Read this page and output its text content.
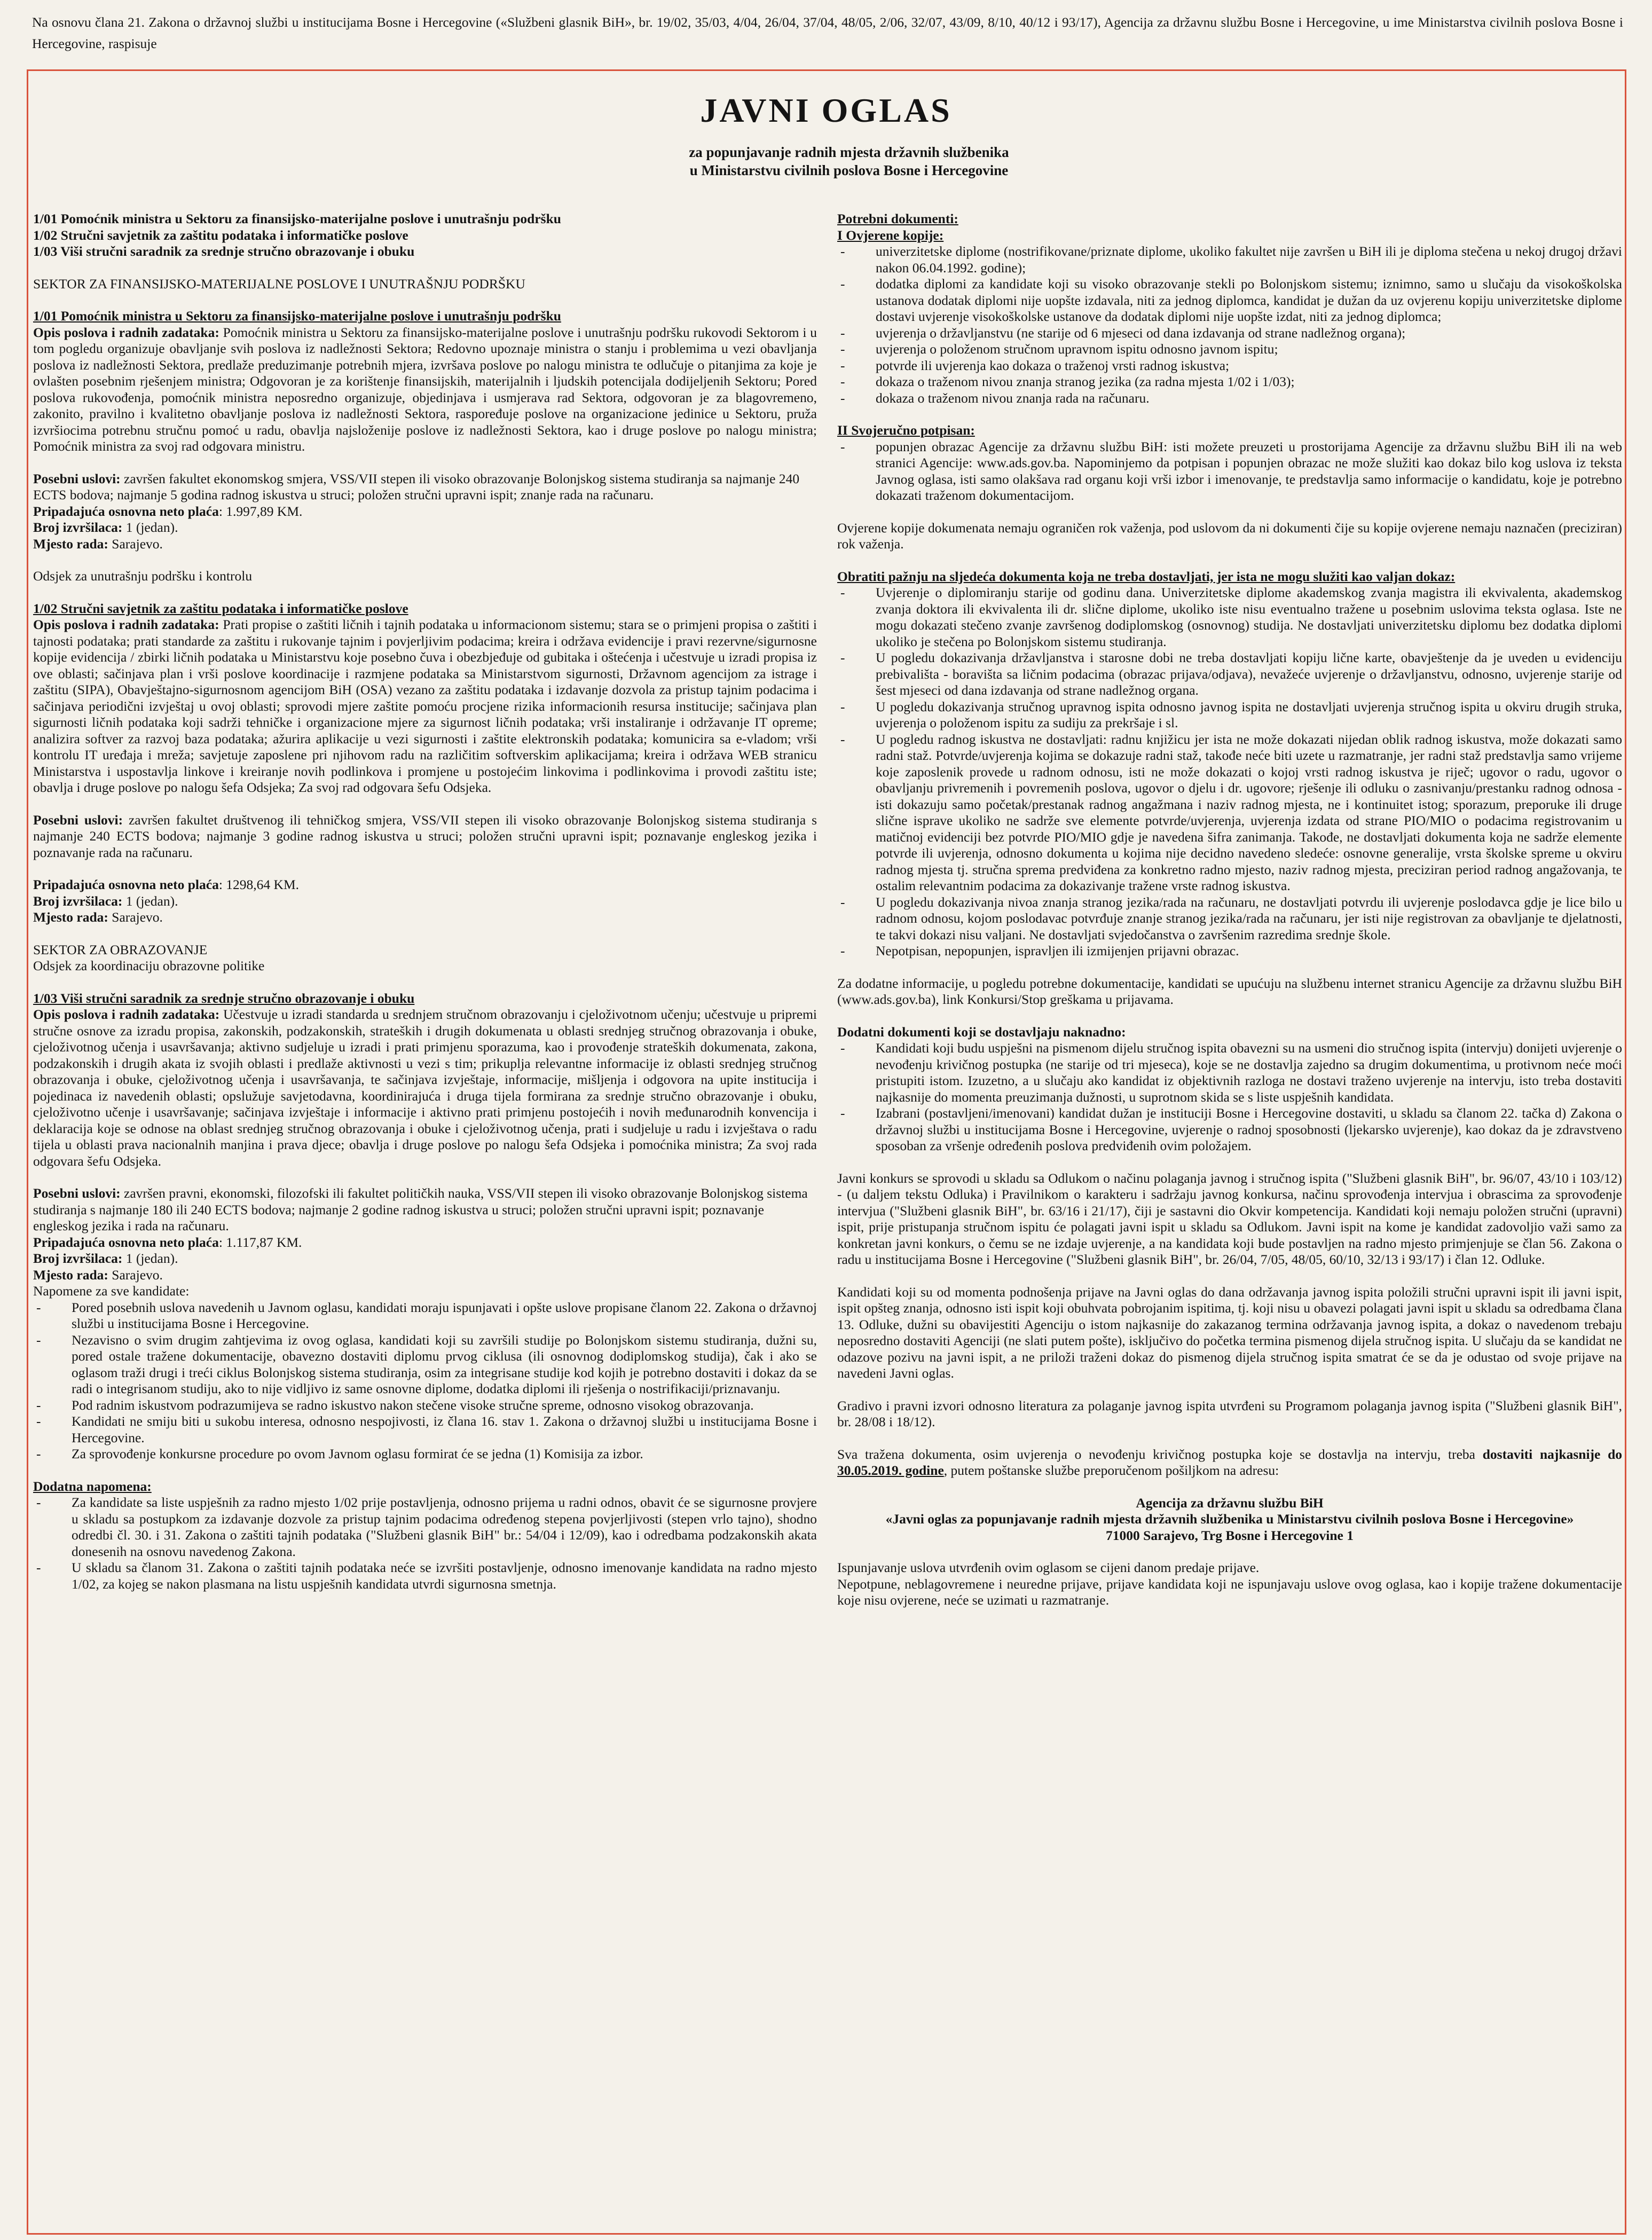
Na osnovu člana 21. Zakona o državnoj službi u institucijama Bosne i Hercegovine («Službeni glasnik BiH», br. 19/02, 35/03, 4/04, 26/04, 37/04, 48/05, 2/06, 32/07, 43/09, 8/10, 40/12 i 93/17), Agencija za državnu službu Bosne i Hercegovine, u ime Ministarstva civilnih poslova Bosne i Hercegovine, raspisuje

JAVNI OGLAS
za popunjavanje radnih mjesta državnih službenika
u Ministarstvu civilnih poslova Bosne i Hercegovine
1/01 Pomoćnik ministra u Sektoru za finansijsko-materijalne poslove i unutrašnju podršku
1/02 Stručni savjetnik za zaštitu podataka i informatičke poslove
1/03 Viši stručni saradnik za srednje stručno obrazovanje i obuku

SEKTOR ZA FINANSIJSKO-MATERIJALNE POSLOVE I UNUTRAŠNJU PODRŠKU

1/01 Pomoćnik ministra u Sektoru za finansijsko-materijalne poslove i unutrašnju podršku

Opis poslova i radnih zadataka: Pomoćnik ministra u Sektoru za finansijsko-materijalne poslove i unutrašnju podršku rukovodi Sektorom i u tom pogledu organizuje obavljanje svih poslova iz nadležnosti Sektora; Redovno upoznaje ministra o stanju i problemima u vezi obavljanja poslova iz nadležnosti Sektora, predlaže preduzimanje potrebnih mjera, izvršava poslove po nalogu ministra te odlučuje o pitanjima za koje je ovlašten posebnim rješenjem ministra; Odgovoran je za korištenje finansijskih, materijalnih i ljudskih potencijala dodijeljenih Sektoru; Pored poslova rukovođenja, pomoćnik ministra neposredno organizuje, objedinjava i usmjerava rad Sektora, odgovoran je za blagovremeno, zakonito, pravilno i kvalitetno obavljanje poslova iz nadležnosti Sektora, raspoređuje poslove na organizacione jedinice u Sektoru, pruža izvršiocima potrebnu stručnu pomoć u radu, obavlja najsloženije poslove iz nadležnosti Sektora, kao i druge poslove po nalogu ministra; Pomoćnik ministra za svoj rad odgovara ministru.

Posebni uslovi: završen fakultet ekonomskog smjera, VSS/VII stepen ili visoko obrazovanje Bolonjskog sistema studiranja sa najmanje 240 ECTS bodova; najmanje 5 godina radnog iskustva u struci; položen stručni upravni ispit; znanje rada na računaru.
Pripadajuća osnovna neto plaća: 1.997,89 KM.
Broj izvršilaca: 1 (jedan).
Mjesto rada: Sarajevo.

Odsjek za unutrašnju podršku i kontrolu

1/02 Stručni savjetnik za zaštitu podataka i informatičke poslove

Opis poslova i radnih zadataka: Prati propise o zaštiti ličnih i tajnih podataka u informacionom sistemu; stara se o primjeni propisa o zaštiti i tajnosti podataka; prati standarde za zaštitu i rukovanje tajnim i povjerljivim podacima; kreira i održava evidencije i pravi rezervne/sigurnosne kopije evidencija / zbirki ličnih podataka u Ministarstvu koje posebno čuva i obezbjeđuje od gubitaka i oštećenja i učestvuje u izradi propisa iz ove oblasti; sačinjava plan i vrši poslove koordinacije i razmjene podataka sa Ministarstvom sigurnosti, Državnom agencijom za istrage i zaštitu (SIPA), Obavještajno-sigurnosnom agencijom BiH (OSA) vezano za zaštitu podataka i izdavanje dozvola za pristup tajnim podacima i sačinjava periodični izvještaj u ovoj oblasti; sprovodi mjere zaštite pomoću procjene rizika informacionih resursa institucije; sačinjava plan sigurnosti ličnih podataka koji sadrži tehničke i organizacione mjere za sigurnost ličnih podataka; vrši instaliranje i održavanje IT opreme; analizira softver za razvoj baza podataka; ažurira aplikacije u vezi sigurnosti i zaštite elektronskih podataka; komunicira sa e-vladom; vrši kontrolu IT uređaja i mreža; savjetuje zaposlene pri njihovom radu na različitim softverskim aplikacijama; kreira i održava WEB stranicu Ministarstva i uspostavlja linkove i kreiranje novih podlinkova i promjene u postojećim linkovima i podlinkovima i provodi zaštitu iste; obavlja i druge poslove po nalogu šefa Odsjeka; Za svoj rad odgovara šefu Odsjeka.

Posebni uslovi: završen fakultet društvenog ili tehničkog smjera, VSS/VII stepen ili visoko obrazovanje Bolonjskog sistema studiranja s najmanje 240 ECTS bodova; najmanje 3 godine radnog iskustva u struci; položen stručni upravni ispit; poznavanje engleskog jezika i poznavanje rada na računaru.

Pripadajuća osnovna neto plaća: 1298,64 KM.
Broj izvršilaca: 1 (jedan).
Mjesto rada: Sarajevo.
SEKTOR ZA OBRAZOVANJE

Odsjek za koordinaciju obrazovne politike

1/03 Viši stručni saradnik za srednje stručno obrazovanje i obuku

Opis poslova i radnih zadataka: Učestvuje u izradi standarda u srednjem stručnom obrazovanju i cjeloživotnom učenju; učestvuje u pripremi stručne osnove za izradu propisa, zakonskih, podzakonskih, strateških i drugih dokumenata u oblasti srednjeg stručnog obrazovanja i obuke, cjeloživotnog učenja i usavršavanja; aktivno sudjeluje u izradi i prati primjenu sporazuma, kao i provođenje strateških dokumenata, zakona, podzakonskih i drugih akata iz svojih oblasti i predlaže aktivnosti u vezi s tim; prikuplja relevantne informacije iz oblasti srednjeg stručnog obrazovanja i obuke, cjeloživotnog učenja i usavršavanja, te sačinjava izvještaje, informacije, mišljenja i odgovora na upite institucija i pojedinaca iz navedenih oblasti; opslužuje savjetodavna, koordinirajuća i druga tijela formirana za srednje stručno obrazovanje i obuku, cjeloživotno učenje i usavršavanje; sačinjava izvještaje i informacije i aktivno prati primjenu postojećih i novih međunarodnih konvencija i deklaracija koje se odnose na oblast srednjeg stručnog obrazovanja i obuke i cjeloživotnog učenja, prati i sudjeluje u radu i izvještava o radu tijela u oblasti prava nacionalnih manjina i prava djece; obavlja i druge poslove po nalogu šefa Odsjeka i pomoćnika ministra; Za svoj rada odgovara šefu Odsjeka.

Posebni uslovi: završen pravni, ekonomski, filozofski ili fakultet političkih nauka, VSS/VII stepen ili visoko obrazovanje Bolonjskog sistema studiranja s najmanje 180 ili 240 ECTS bodova; najmanje 2 godine radnog iskustva u struci; položen stručni upravni ispit; poznavanje engleskog jezika i rada na računaru.
Pripadajuća osnovna neto plaća: 1.117,87 KM.
Broj izvršilaca: 1 (jedan).
Mjesto rada: Sarajevo.
Napomene za sve kandidate:
- Pored posebnih uslova navedenih u Javnom oglasu, kandidati moraju ispunjavati i opšte uslove propisane članom 22. Zakona o državnoj službi u institucijama Bosne i Hercegovine.
- Nezavisno o svim drugim zahtjevima iz ovog oglasa, kandidati koji su završili studije po Bolonjskom sistemu studiranja, dužni su, pored ostale tražene dokumentacije, obavezno dostaviti diplomu prvog ciklusa (ili osnovnog dodiplomskog studija), čak i ako se oglasom traži drugi i treći ciklus Bolonjskog sistema studiranja, osim za integrisane studije kod kojih je potrebno dostaviti i dokaz da se radi o integrisanom studiju, ako to nije vidljivo iz same osnovne diplome, dodatka diplomi ili rješenja o nostrifikaciji/priznavanju.
- Pod radnim iskustvom podrazumijeva se radno iskustvo nakon stečene visoke stručne spreme, odnosno visokog obrazovanja.
- Kandidati ne smiju biti u sukobu interesa, odnosno nespojivosti, iz člana 16. stav 1. Zakona o državnoj službi u institucijama Bosne i Hercegovine.
- Za sprovođenje konkursne procedure po ovom Javnom oglasu formirat će se jedna (1) Komisija za izbor.
Dodatna napomena:
- Za kandidate sa liste uspješnih za radno mjesto 1/02 prije postavljenja, odnosno prijema u radni odnos, obavit će se sigurnosne provjere u skladu sa postupkom za izdavanje dozvole za pristup tajnim podacima određenog stepena povjerljivosti (stepen vrlo tajno), shodno odredbi čl. 30. i 31. Zakona o zaštiti tajnih podataka ("Službeni glasnik BiH" br.: 54/04 i 12/09), kao i odredbama podzakonskih akata donesenih na osnovu navedenog Zakona.
- U skladu sa članom 31. Zakona o zaštiti tajnih podataka neće se izvršiti postavljenje, odnosno imenovanje kandidata na radno mjesto 1/02, za kojeg se nakon plasmana na listu uspješnih kandidata utvrdi sigurnosna smetnja.
Potrebni dokumenti:
I Ovjerene kopije:
- univerzitetske diplome (nostrifikovane/priznate diplome, ukoliko fakultet nije završen u BiH ili je diploma stečena u nekoj drugoj državi nakon 06.04.1992. godine);
- dodatka diplomi za kandidate koji su visoko obrazovanje stekli po Bolonjskom sistemu; iznimno, samo u slučaju da visokoškolska ustanova dodatak diplomi nije uopšte izdavala, niti za jednog diplomca, kandidat je dužan da uz ovjerenu kopiju univerzitetske diplome dostavi uvjerenje visokoškolske ustanove da dodatak diplomi nije uopšte izdat, niti za jednog diplomca;
- uvjerenja o državljanstvu (ne starije od 6 mjeseci od dana izdavanja od strane nadležnog organa);
- uvjerenja o položenom stručnom upravnom ispitu odnosno javnom ispitu;
- potvrde ili uvjerenja kao dokaza o traženoj vrsti radnog iskustva;
- dokaza o traženom nivou znanja stranog jezika (za radna mjesta 1/02 i 1/03);
- dokaza o traženom nivou znanja rada na računaru.
II Svojeručno potpisan:
- popunjen obrazac Agencije za državnu službu BiH: isti možete preuzeti u prostorijama Agencije za državnu službu BiH ili na web stranici Agencije: www.ads.gov.ba. Napominjemo da potpisan i popunjen obrazac ne može služiti kao dokaz bilo kog uslova iz teksta Javnog oglasa, isti samo olakšava rad organu koji vrši izbor i imenovanje, te predstavlja samo informacije o kandidatu, koje je potrebno dokazati traženom dokumentacijom.

Ovjerene kopije dokumenata nemaju ograničen rok važenja, pod uslovom da ni dokumenti čije su kopije ovjerene nemaju naznačen (preciziran) rok važenja.

Obratiti pažnju na sljedeća dokumenta koja ne treba dostavljati, jer ista ne mogu služiti kao valjan dokaz:
- Uvjerenje o diplomiranju starije od godinu dana. Univerzitetske diplome akademskog zvanja magistra ili ekvivalenta, akademskog zvanja doktora ili ekvivalenta ili dr. slične diplome, ukoliko iste nisu eventualno tražene u posebnim uslovima teksta oglasa. Iste ne mogu dokazati stečeno zvanje završenog dodiplomskog (osnovnog) studija. Ne dostavljati univerzitetsku diplomu bez dodatka diplomi ukoliko je stečena po Bolonjskom sistemu studiranja.
- U pogledu dokazivanja državljanstva i starosne dobi ne treba dostavljati kopiju lične karte, obavještenje da je uveden u evidenciju prebivališta - boravišta sa ličnim podacima (obrazac prijava/odjava), nevažeće uvjerenje o državljanstvu, odnosno, uvjerenje starije od šest mjeseci od dana izdavanja od strane nadležnog organa.
- U pogledu dokazivanja stručnog upravnog ispita odnosno javnog ispita ne dostavljati uvjerenja stručnog ispita u okviru drugih struka, uvjerenja o položenom ispitu za sudiju za prekršaje i sl.
- U pogledu radnog iskustva ne dostavljati: radnu knjižicu jer ista ne može dokazati nijedan oblik radnog iskustva, može dokazati samo radni staž. Potvrde/uvjerenja kojima se dokazuje radni staž, takođe neće biti uzete u razmatranje, jer radni staž predstavlja samo vrijeme koje zaposlenik provede u radnom odnosu, isti ne može dokazati o kojoj vrsti radnog iskustva je riječ; ugovor o radu, ugovor o obavljanju privremenih i povremenih poslova, ugovor o djelu i dr. ugovore; rješenje ili odluku o zasnivanju/prestanku radnog odnosa - isti dokazuju samo početak/prestanak radnog angažmana i naziv radnog mjesta, ne i kontinuitet istog; sporazum, preporuke ili druge slične isprave ukoliko ne sadrže sve elemente potvrde/uvjerenja, uvjerenja izdata od strane PIO/MIO o podacima registrovanim u matičnoj evidenciji bez potvrde PIO/MIO gdje je navedena šifra zanimanja. Takođe, ne dostavljati dokumenta koja ne sadrže elemente potvrde ili uvjerenja, odnosno dokumenta u kojima nije decidno navedeno sledeće: osnovne generalije, vrsta školske spreme u okviru radnog mjesta tj. stručna sprema predviđena za konkretno radno mjesto, naziv radnog mjesta, preciziran period radnog angažovanja, te ostalim relevantnim podacima za dokazivanje tražene vrste radnog iskustva.
- U pogledu dokazivanja nivoa znanja stranog jezika/rada na računaru, ne dostavljati potvrdu ili uvjerenje poslodavca gdje je lice bilo u radnom odnosu, kojom poslodavac potvrđuje znanje stranog jezika/rada na računaru, jer isti nije registrovan za obavljanje te djelatnosti, te takvi dokazi nisu valjani. Ne dostavljati svjedočanstva o završenim razredima srednje škole.
- Nepotpisan, nepopunjen, ispravljen ili izmijenjen prijavni obrazac.

Za dodatne informacije, u pogledu potrebne dokumentacije, kandidati se upućuju na službenu internet stranicu Agencije za državnu službu BiH (www.ads.gov.ba), link Konkursi/Stop greškama u prijavama.

Dodatni dokumenti koji se dostavljaju naknadno:
- Kandidati koji budu uspješni na pismenom dijelu stručnog ispita obavezni su na usmeni dio stručnog ispita (intervju) donijeti uvjerenje o nevođenju krivičnog postupka (ne starije od tri mjeseca), koje se ne dostavlja zajedno sa drugim dokumentima, u protivnom neće moći pristupiti istom. Izuzetno, a u slučaju ako kandidat iz objektivnih razloga ne dostavi traženo uvjerenje na intervju, isto treba dostaviti najkasnije do momenta preuzimanja dužnosti, u suprotnom skida se s liste uspješnih kandidata.
- Izabrani (postavljeni/imenovani) kandidat dužan je instituciji Bosne i Hercegovine dostaviti, u skladu sa članom 22. tačka d) Zakona o državnoj službi u institucijama Bosne i Hercegovine, uvjerenje o radnoj sposobnosti (ljekarsko uvjerenje), kao dokaz da je zdravstveno sposoban za vršenje određenih poslova predviđenih ovim položajem.

Javni konkurs se sprovodi u skladu sa Odlukom o načinu polaganja javnog i stručnog ispita ("Službeni glasnik BiH", br. 96/07, 43/10 i 103/12) - (u daljem tekstu Odluka) i Pravilnikom o karakteru i sadržaju javnog konkursa, načinu sprovođenja intervjua i obrascima za sprovođenje intervjua ("Službeni glasnik BiH", br. 63/16 i 21/17), čiji je sastavni dio Okvir kompetencija. Kandidati koji nemaju položen stručni (upravni) ispit, prije pristupanja stručnom ispitu će polagati javni ispit u skladu sa Odlukom. Javni ispit na kome je kandidat zadovoljio važi samo za konkretan javni konkurs, o čemu se ne izdaje uvjerenje, a na kandidata koji bude postavljen na radno mjesto primjenjuje se član 56. Zakona o radu u institucijama Bosne i Hercegovine ("Službeni glasnik BiH", br. 26/04, 7/05, 48/05, 60/10, 32/13 i 93/17) i član 12. Odluke.

Kandidati koji su od momenta podnošenja prijave na Javni oglas do dana održavanja javnog ispita položili stručni upravni ispit ili javni ispit, ispit opšteg znanja, odnosno isti ispit koji obuhvata pobrojanim ispitima, tj. koji nisu u obavezi polagati javni ispit u skladu sa odredbama člana 13. Odluke, dužni su obavijestiti Agenciju o istom najkasnije do zakazanog termina održavanja javnog ispita, a dokaz o navedenom trebaju neposredno dostaviti Agenciji (ne slati putem pošte), isključivo do početka termina pismenog dijela stručnog ispita. U slučaju da se kandidat ne odazove pozivu na javni ispit, a ne priloži traženi dokaz do pismenog dijela stručnog ispita smatrat će se da je odustao od svoje prijave na navedeni Javni oglas.

Gradivo i pravni izvori odnosno literatura za polaganje javnog ispita utvrđeni su Programom polaganja javnog ispita ("Službeni glasnik BiH", br. 28/08 i 18/12).

Sva tražena dokumenta, osim uvjerenja o nevođenju krivičnog postupka koje se dostavlja na intervju, treba dostaviti najkasnije do 30.05.2019. godine, putem poštanske službe preporučenom pošiljkom na adresu:

Agencija za državnu službu BiH
«Javni oglas za popunjavanje radnih mjesta državnih službenika u Ministarstvu civilnih poslova Bosne i Hercegovine»
71000 Sarajevo, Trg Bosne i Hercegovine 1
Ispunjavanje uslova utvrđenih ovim oglasom se cijeni danom predaje prijave.
Nepotpune, neblagovremene i neuredne prijave, prijave kandidata koji ne ispunjavaju uslove ovog oglasa, kao i kopije tražene dokumentacije koje nisu ovjerene, neće se uzimati u razmatranje.
